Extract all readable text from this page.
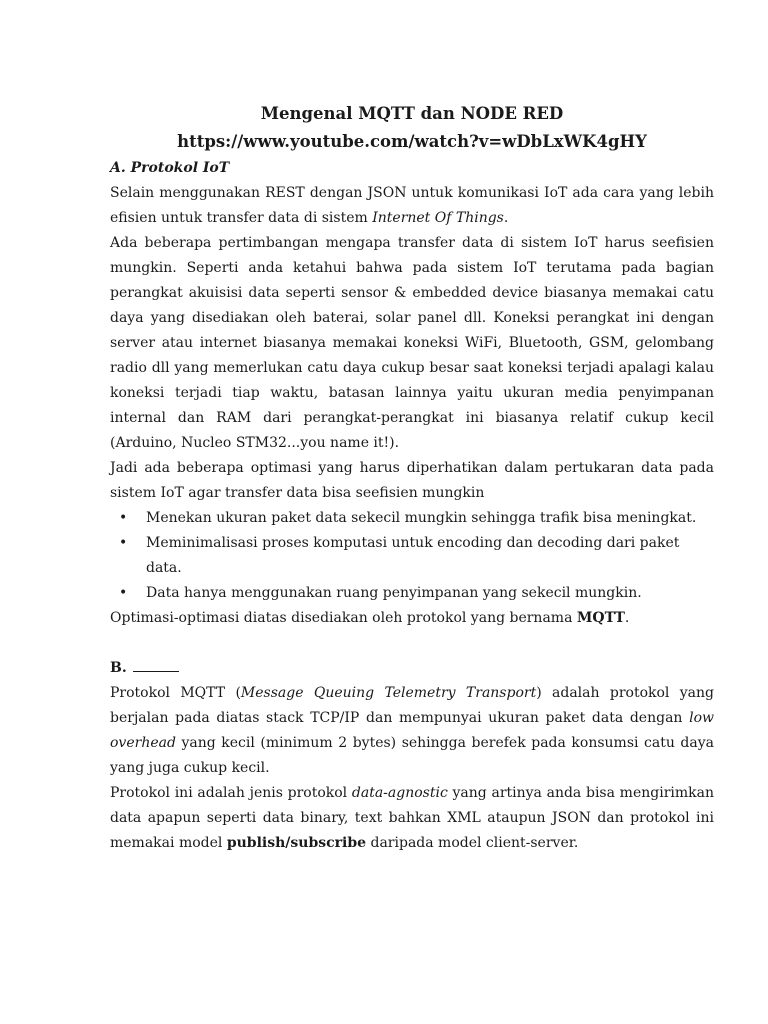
Mengenal MQTT dan NODE RED

https://www.youtube.com/watch?v=wDbLxWK4gHY

A. Protokol IoT

Selain menggunakan REST dengan JSON untuk komunikasi IoT ada cara yang lebih efisien untuk transfer data di sistem Internet Of Things.

Ada beberapa pertimbangan mengapa transfer data di sistem IoT harus seefisien mungkin. Seperti anda ketahui bahwa pada sistem IoT terutama pada bagian perangkat akuisisi data seperti sensor & embedded device biasanya memakai catu daya yang disediakan oleh baterai, solar panel dll. Koneksi perangkat ini dengan server atau internet biasanya memakai koneksi WiFi, Bluetooth, GSM, gelombang radio dll yang memerlukan catu daya cukup besar saat koneksi terjadi apalagi kalau koneksi terjadi tiap waktu, batasan lainnya yaitu ukuran media penyimpanan internal dan RAM dari perangkat-perangkat ini biasanya relatif cukup kecil (Arduino, Nucleo STM32...you name it!).

Jadi ada beberapa optimasi yang harus diperhatikan dalam pertukaran data pada sistem IoT agar transfer data bisa seefisien mungkin

• Menekan ukuran paket data sekecil mungkin sehingga trafik bisa meningkat.
• Meminimalisasi proses komputasi untuk encoding dan decoding dari paket data.
• Data hanya menggunakan ruang penyimpanan yang sekecil mungkin.

Optimasi-optimasi diatas disediakan oleh protokol yang bernama MQTT.

B.

Protokol MQTT (Message Queuing Telemetry Transport) adalah protokol yang berjalan pada diatas stack TCP/IP dan mempunyai ukuran paket data dengan low overhead yang kecil (minimum 2 bytes) sehingga berefek pada konsumsi catu daya yang juga cukup kecil.

Protokol ini adalah jenis protokol data-agnostic yang artinya anda bisa mengirimkan data apapun seperti data binary, text bahkan XML ataupun JSON dan protokol ini memakai model publish/subscribe daripada model client-server.
